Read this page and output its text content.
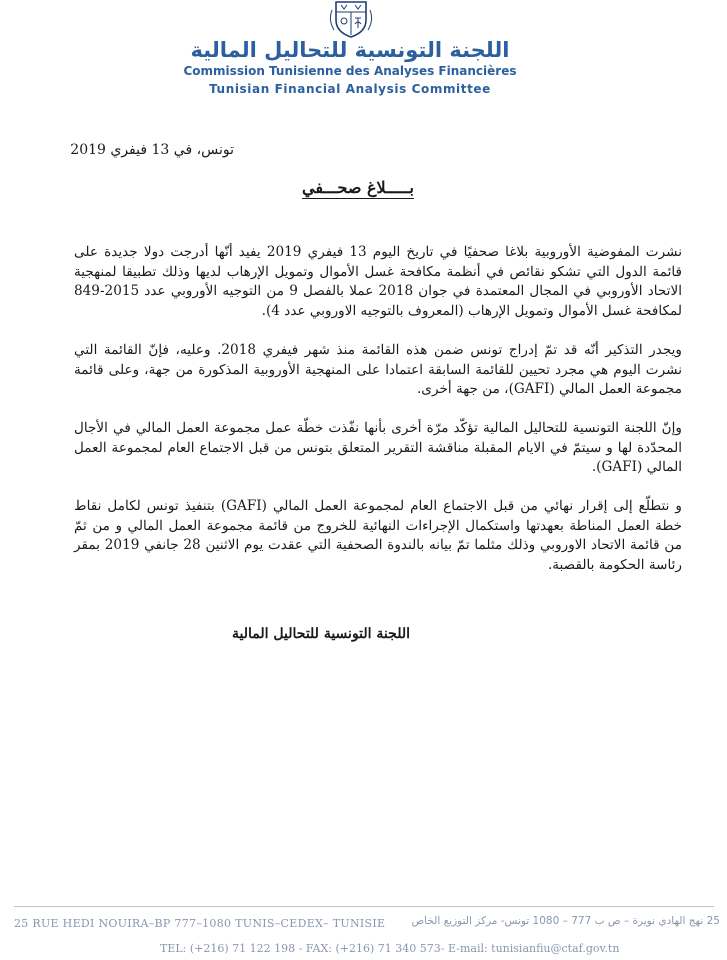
اللجنة التونسية للتحاليل المالية
Commission Tunisienne des Analyses Financières
Tunisian Financial Analysis Committee
تونس، في 13 فيفري 2019
بـــــلاغ صحـــفي
نشرت المفوضية الأوروبية بلاغا صحفيًا في تاريخ اليوم 13 فيفري 2019 يفيد أنّها أدرجت دولا جديدة على قائمة الدول التي تشكو نقائص في أنظمة مكافحة غسل الأموال وتمويل الإرهاب لديها وذلك تطبيقا لمنهجية الاتحاد الأوروبي في المجال المعتمدة في جوان 2018 عملا بالفصل 9 من التوجيه الأوروبي عدد 2015-849 لمكافحة غسل الأموال وتمويل الإرهاب (المعروف بالتوجيه الاوروبي عدد 4).
ويجدر التذكير أنّه قد تمّ إدراج تونس ضمن هذه القائمة منذ شهر فيفري 2018. وعليه، فإنّ القائمة التي نشرت اليوم هي مجرد تحيين للقائمة السابقة اعتمادا على المنهجية الأوروبية المذكورة من جهة، وعلى قائمة مجموعة العمل المالي (GAFI)، من جهة أخرى.
وإنّ اللجنة التونسية للتحاليل المالية تؤكّد مرّة أخرى بأنها نفّذت خطّة عمل مجموعة العمل المالي في الأجال المحدّدة لها و سيتمّ في الايام المقبلة مناقشة التقرير المتعلق بتونس من قبل الاجتماع العام لمجموعة العمل المالي (GAFI).
و نتطلّع إلى إقرار نهائي من قبل الاجتماع العام لمجموعة العمل المالي (GAFI) بتنفيذ تونس لكامل نقاط خطة العمل المناطة بعهدتها واستكمال الإجراءات النهائية للخروج من قائمة مجموعة العمل المالي و من ثمّ من قائمة الاتحاد الاوروبي وذلك مثلما تمّ بيانه بالندوة الصحفية التي عقدت يوم الاثنين 28 جانفي 2019 بمقر رئاسة الحكومة بالقصبة.
اللجنة التونسية للتحاليل المالية
25 RUE HEDI NOUIRA–BP 777–1080 TUNIS–CEDEX– TUNISIE 25 نهج الهادي نويرة – ص ب 777 – 1080 تونس- مركز التوزيع الخاص
TEL: (+216) 71 122 198 - FAX: (+216) 71 340 573- E-mail: tunisianfiu@ctaf.gov.tn
